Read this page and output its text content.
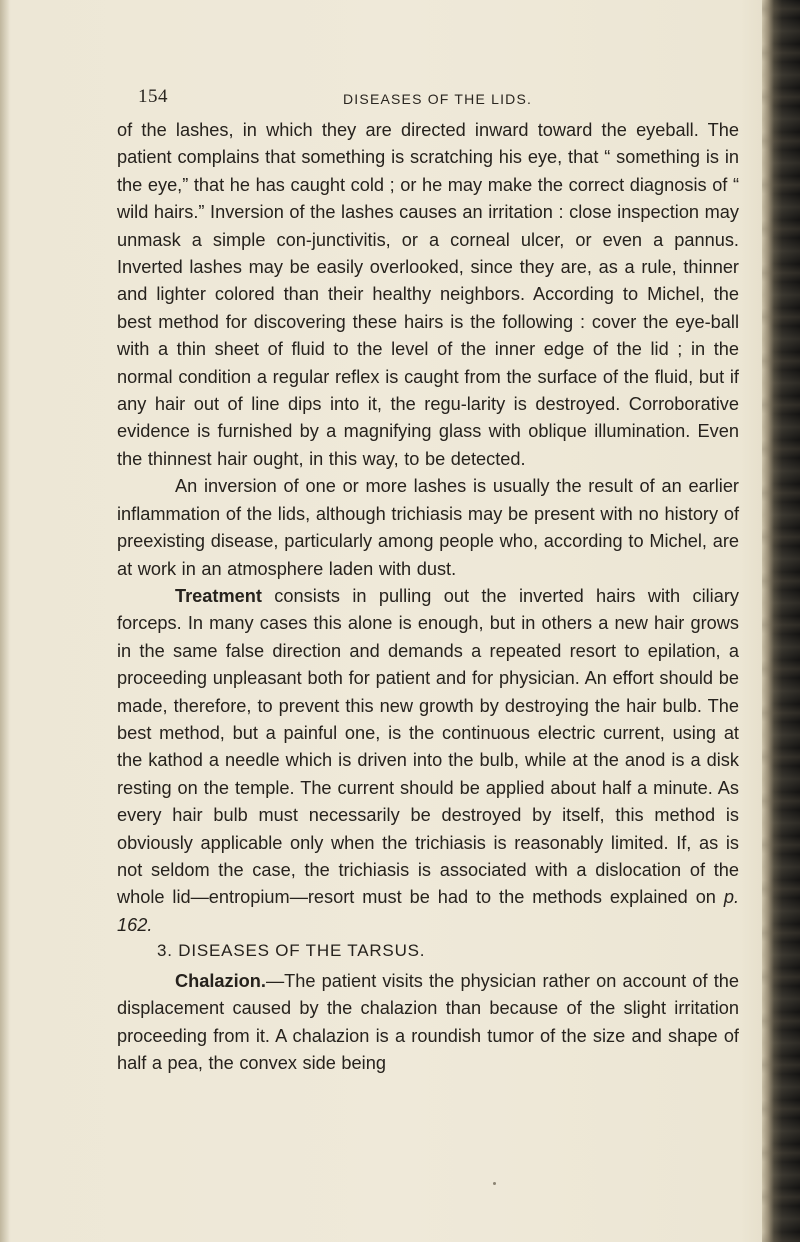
154	DISEASES OF THE LIDS.

of the lashes, in which they are directed inward toward the eyeball. The patient complains that something is scratching his eye, that “ something is in the eye,” that he has caught cold ; or he may make the correct diagnosis of “ wild hairs.” Inversion of the lashes causes an irritation : close inspection may unmask a simple con-junctivitis, or a corneal ulcer, or even a pannus. Inverted lashes may be easily overlooked, since they are, as a rule, thinner and lighter colored than their healthy neighbors. According to Michel, the best method for discovering these hairs is the following : cover the eye-ball with a thin sheet of fluid to the level of the inner edge of the lid ; in the normal condition a regular reflex is caught from the surface of the fluid, but if any hair out of line dips into it, the regu-larity is destroyed. Corroborative evidence is furnished by a magnifying glass with oblique illumination. Even the thinnest hair ought, in this way, to be detected.

An inversion of one or more lashes is usually the result of an earlier inflammation of the lids, although trichiasis may be present with no history of preexisting disease, particularly among people who, according to Michel, are at work in an atmosphere laden with dust.

Treatment consists in pulling out the inverted hairs with ciliary forceps. In many cases this alone is enough, but in others a new hair grows in the same false direction and demands a repeated resort to epilation, a proceeding unpleasant both for patient and for physician. An effort should be made, therefore, to prevent this new growth by destroying the hair bulb. The best method, but a painful one, is the continuous electric current, using at the kathod a needle which is driven into the bulb, while at the anod is a disk resting on the temple. The current should be applied about half a minute. As every hair bulb must necessarily be destroyed by itself, this method is obviously applicable only when the trichiasis is reasonably limited. If, as is not seldom the case, the trichiasis is associated with a dislocation of the whole lid—entropium—resort must be had to the methods explained on p. 162.

3. DISEASES OF THE TARSUS.

Chalazion.—The patient visits the physician rather on account of the displacement caused by the chalazion than because of the slight irritation proceeding from it. A chalazion is a roundish tumor of the size and shape of half a pea, the convex side being
